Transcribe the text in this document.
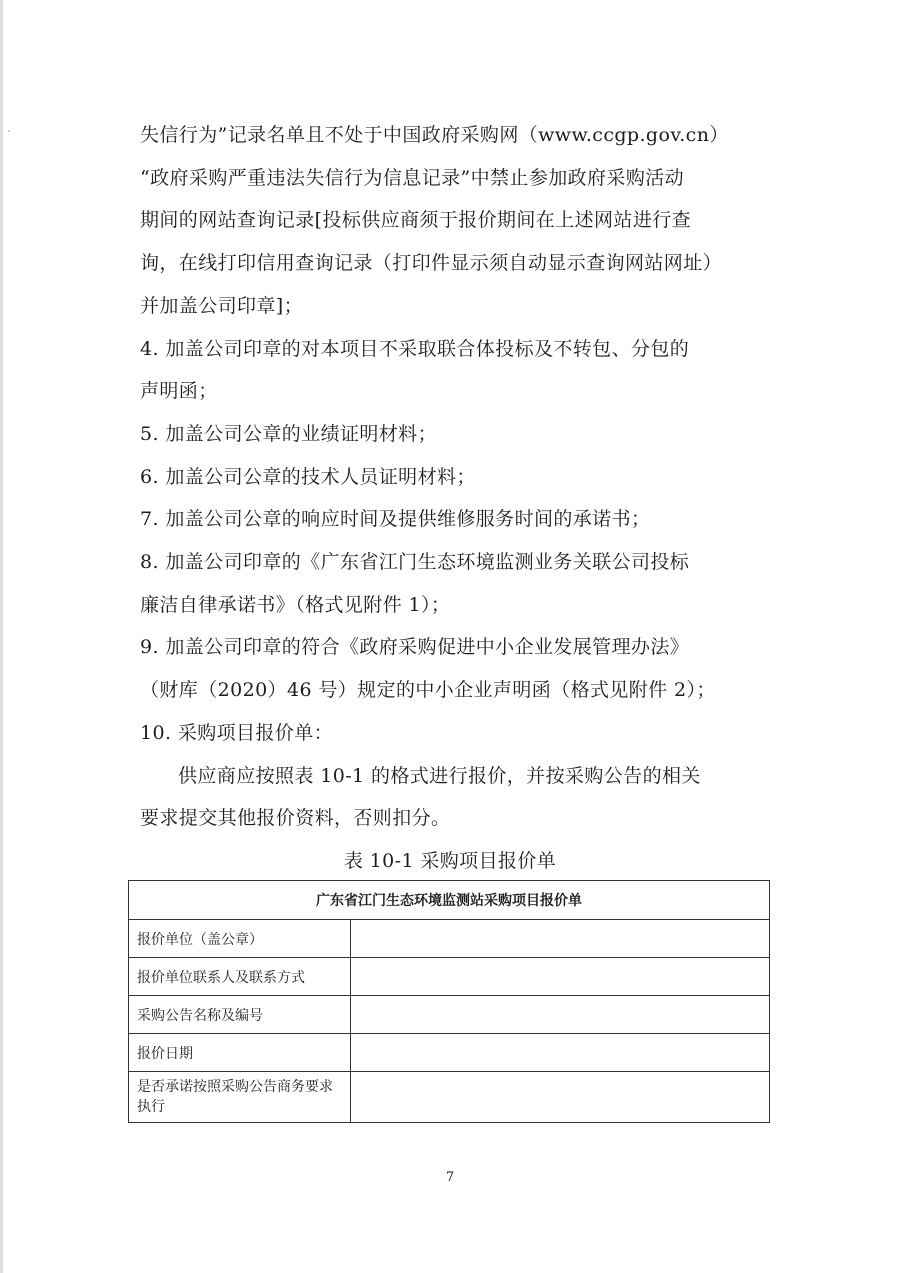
失信行为”记录名单且不处于中国政府采购网（www.ccgp.gov.cn）
“政府采购严重违法失信行为信息记录”中禁止参加政府采购活动
期间的网站查询记录[投标供应商须于报价期间在上述网站进行查
询，在线打印信用查询记录（打印件显示须自动显示查询网站网址）
并加盖公司印章]；
4. 加盖公司印章的对本项目不采取联合体投标及不转包、分包的
声明函；
5. 加盖公司公章的业绩证明材料；
6. 加盖公司公章的技术人员证明材料；
7. 加盖公司公章的响应时间及提供维修服务时间的承诺书；
8. 加盖公司印章的《广东省江门生态环境监测业务关联公司投标
廉洁自律承诺书》（格式见附件 1）；
9. 加盖公司印章的符合《政府采购促进中小企业发展管理办法》
（财库（2020）46 号）规定的中小企业声明函（格式见附件 2）；
10. 采购项目报价单：
供应商应按照表 10-1 的格式进行报价，并按采购公告的相关
要求提交其他报价资料，否则扣分。
表 10-1 采购项目报价单
广东省江门生态环境监测站采购项目报价单	
报价单位（盖公章）	
报价单位联系人及联系方式	
采购公告名称及编号	
报价日期	
是否承诺按照采购公告商务要求执行	
7
